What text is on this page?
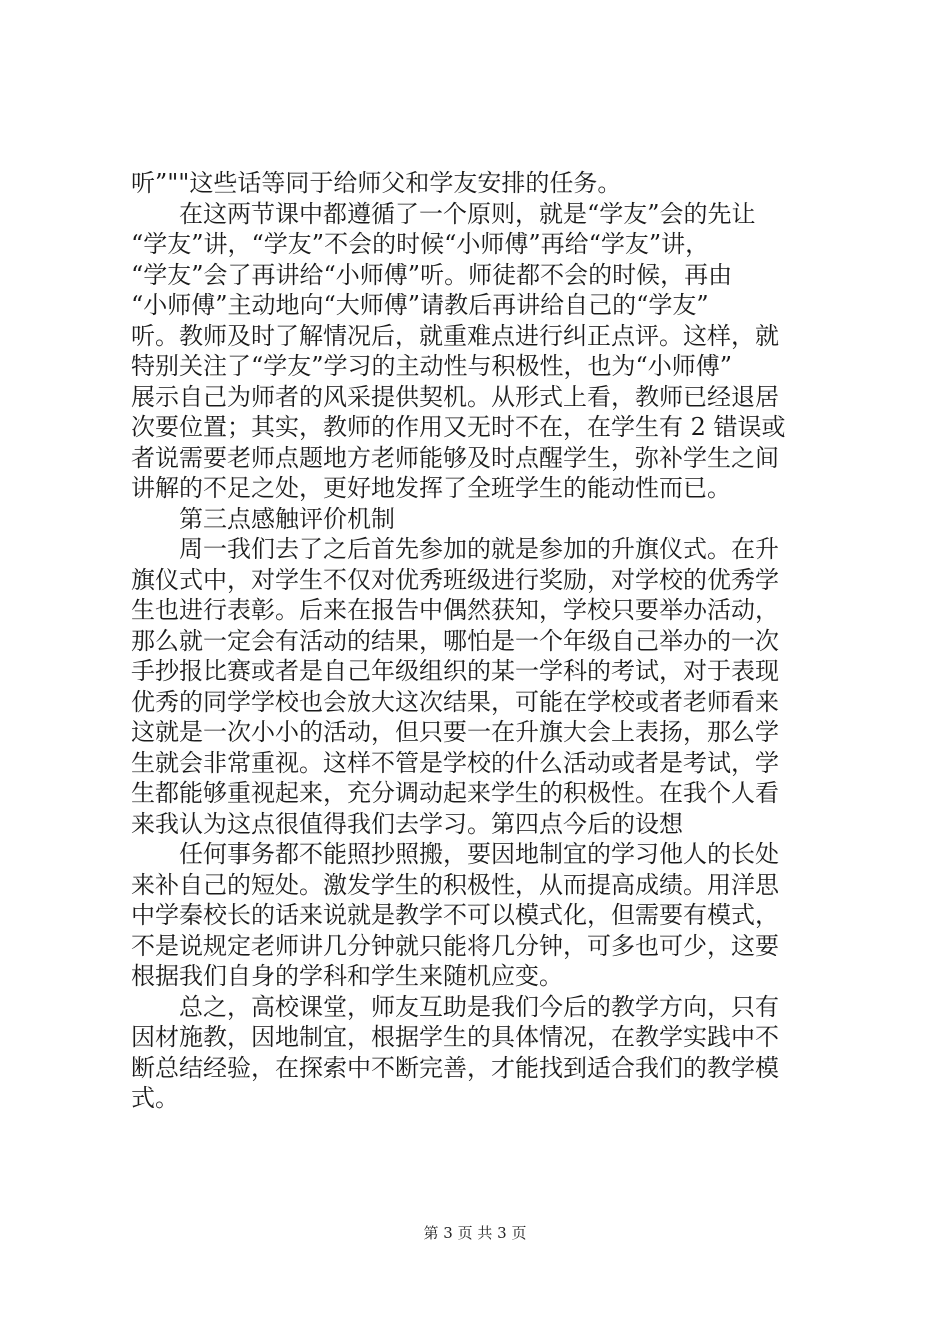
听”""这些话等同于给师父和学友安排的任务。
　　在这两节课中都遵循了一个原则，就是“学友”会的先让
“学友”讲，“学友”不会的时候“小师傅”再给“学友”讲，
“学友”会了再讲给“小师傅”听。师徒都不会的时候，再由
“小师傅”主动地向“大师傅”请教后再讲给自己的“学友”
听。教师及时了解情况后，就重难点进行纠正点评。这样，就
特别关注了“学友”学习的主动性与积极性，也为“小师傅”
展示自己为师者的风采提供契机。从形式上看，教师已经退居
次要位置；其实，教师的作用又无时不在，在学生有 2 错误或
者说需要老师点题地方老师能够及时点醒学生，弥补学生之间
讲解的不足之处，更好地发挥了全班学生的能动性而已。
　　第三点感触评价机制
　　周一我们去了之后首先参加的就是参加的升旗仪式。在升
旗仪式中，对学生不仅对优秀班级进行奖励，对学校的优秀学
生也进行表彰。后来在报告中偶然获知，学校只要举办活动，
那么就一定会有活动的结果，哪怕是一个年级自己举办的一次
手抄报比赛或者是自己年级组织的某一学科的考试，对于表现
优秀的同学学校也会放大这次结果，可能在学校或者老师看来
这就是一次小小的活动，但只要一在升旗大会上表扬，那么学
生就会非常重视。这样不管是学校的什么活动或者是考试，学
生都能够重视起来，充分调动起来学生的积极性。在我个人看
来我认为这点很值得我们去学习。第四点今后的设想
　　任何事务都不能照抄照搬，要因地制宜的学习他人的长处
来补自己的短处。激发学生的积极性，从而提高成绩。用洋思
中学秦校长的话来说就是教学不可以模式化，但需要有模式，
不是说规定老师讲几分钟就只能将几分钟，可多也可少，这要
根据我们自身的学科和学生来随机应变。
　　总之，高校课堂，师友互助是我们今后的教学方向，只有
因材施教，因地制宜，根据学生的具体情况，在教学实践中不
断总结经验，在探索中不断完善，才能找到适合我们的教学模
式。
第 3 页 共 3 页
